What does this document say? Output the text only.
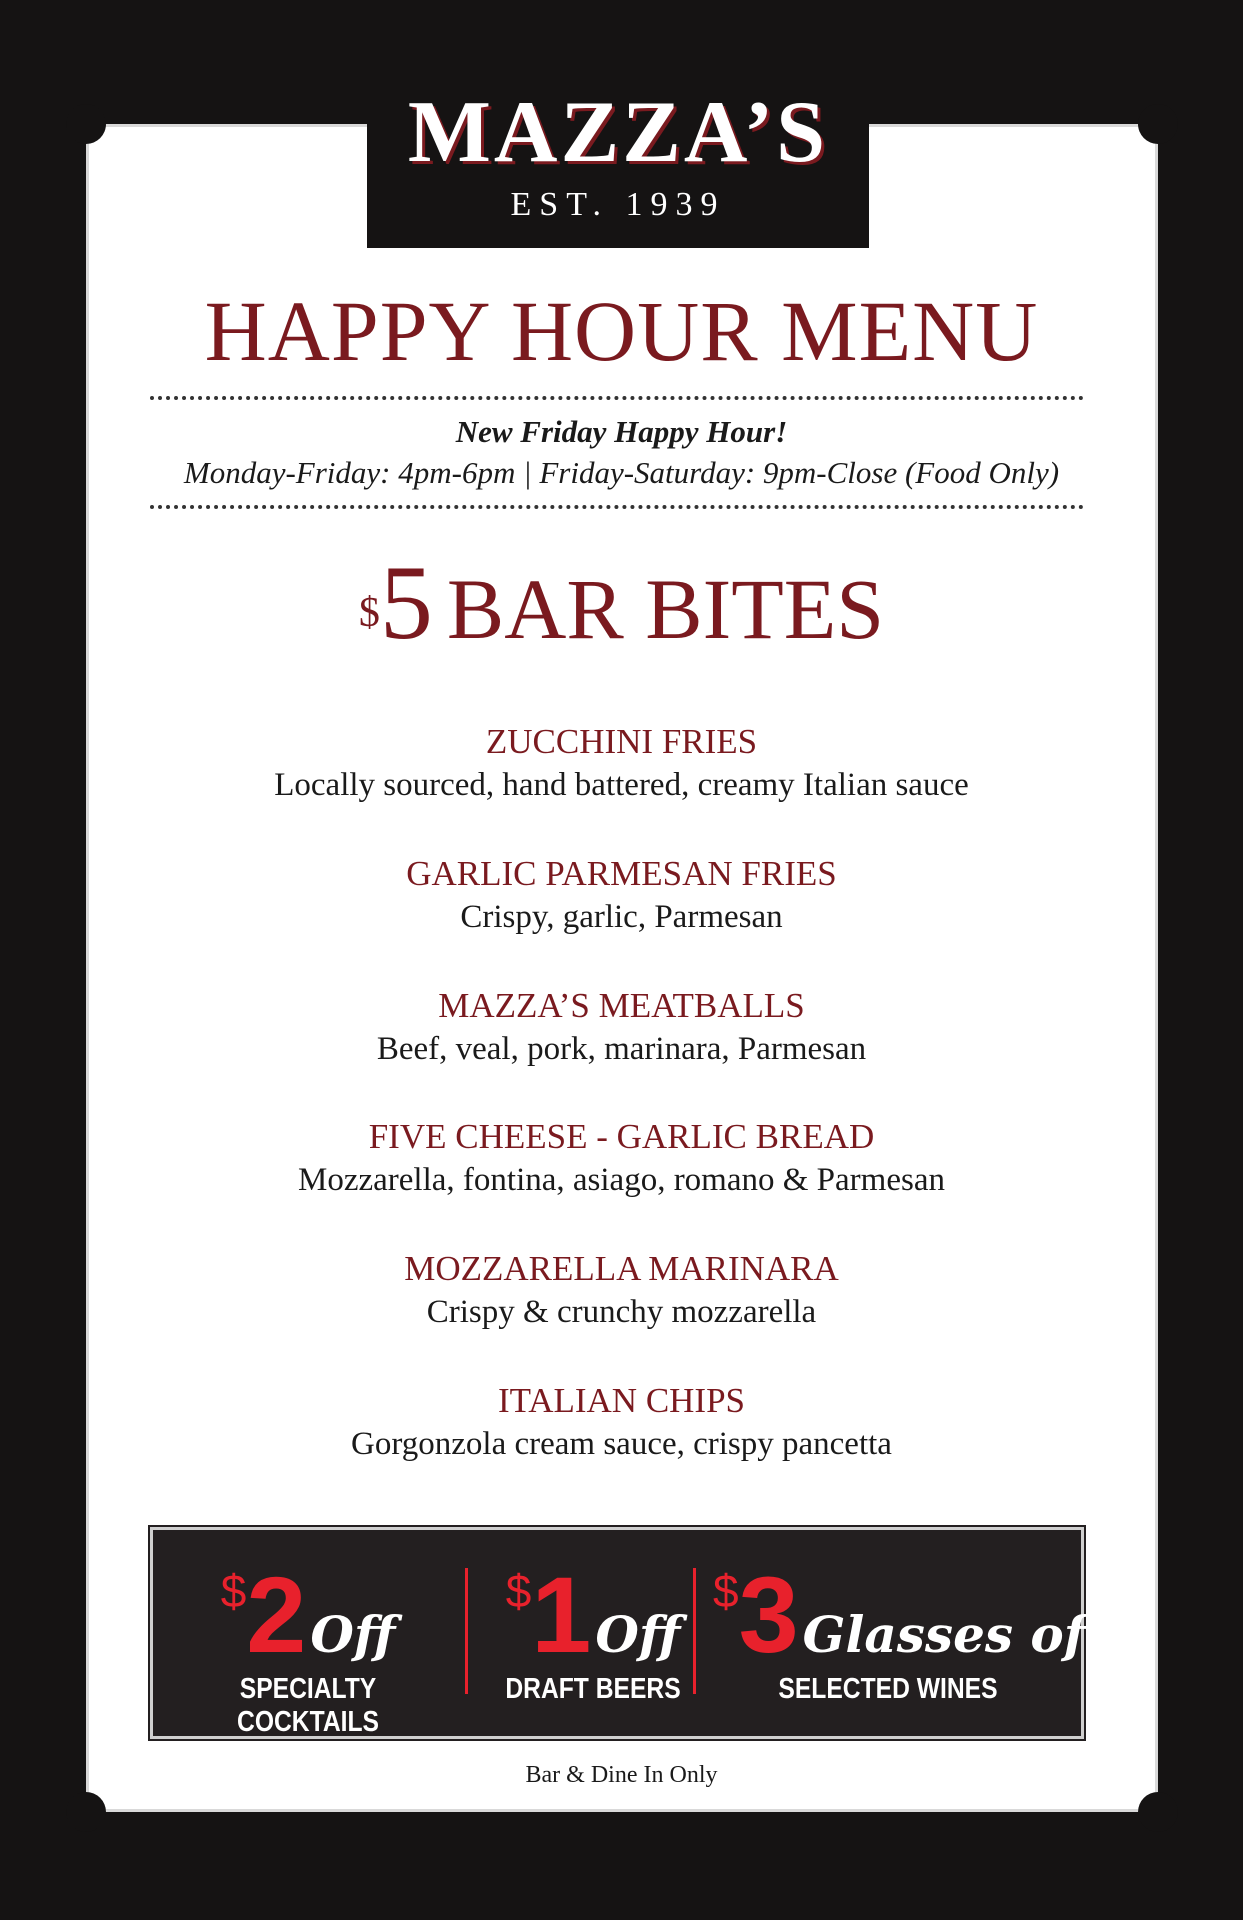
MAZZA’S
EST. 1939
HAPPY HOUR MENU
New Friday Happy Hour!
Monday-Friday: 4pm-6pm | Friday-Saturday: 9pm-Close (Food Only)
$5 BAR BITES
ZUCCHINI FRIES
Locally sourced, hand battered, creamy Italian sauce
GARLIC PARMESAN FRIES
Crispy, garlic, Parmesan
MAZZA’S MEATBALLS
Beef, veal, pork, marinara, Parmesan
FIVE CHEESE - GARLIC BREAD
Mozzarella, fontina, asiago, romano & Parmesan
MOZZARELLA MARINARA
Crispy & crunchy mozzarella
ITALIAN CHIPS
Gorgonzola cream sauce, crispy pancetta
$2Off
SPECIALTY COCKTAILS
$1Off
DRAFT BEERS
$3Glasses of
SELECTED WINES
Bar & Dine In Only
